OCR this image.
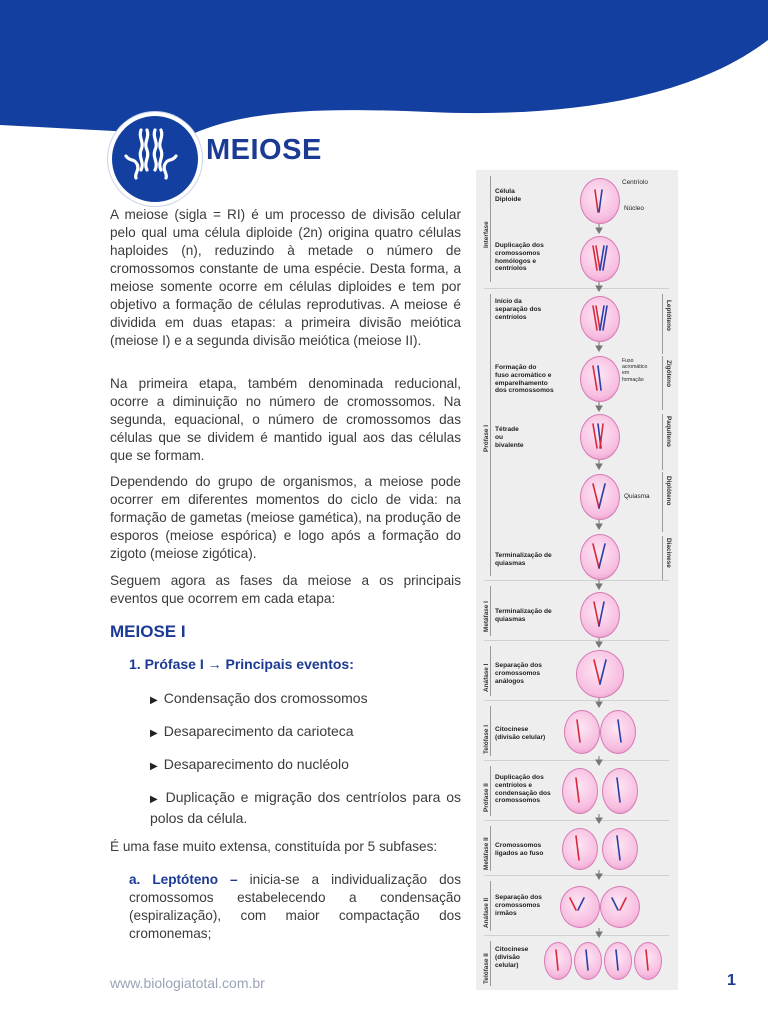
MEIOSE

A meiose (sigla = RI) é um processo de divisão celular pelo qual uma célula diploide (2n) origina quatro células haploides (n), reduzindo à metade o número de cromossomos constante de uma espécie. Desta forma, a meiose somente ocorre em células diploides e tem por objetivo a formação de células reprodutivas. A meiose é dividida em duas etapas: a primeira divisão meiótica (meiose I) e a segunda divisão meiótica (meiose II).

Na primeira etapa, também denominada reducional, ocorre a diminuição no número de cromossomos. Na segunda, equacional, o número de cromossomos das células que se dividem é mantido igual aos das células que se formam.

Dependendo do grupo de organismos, a meiose pode ocorrer em diferentes momentos do ciclo de vida: na formação de gametas (meiose gamética), na produção de esporos (meiose espórica) e logo após a formação do zigoto (meiose zigótica).

Seguem agora as fases da meiose a os principais eventos que ocorrem em cada etapa:

MEIOSE I
1. Prófase I → Principais eventos:
▶ Condensação dos cromossomos
▶ Desaparecimento da carioteca
▶ Desaparecimento do nucléolo
▶ Duplicação e migração dos centríolos para os polos da célula.

É uma fase muito extensa, constituída por 5 subfases:

a. Leptóteno – inicia-se a individualização dos cromossomos estabelecendo a condensação (espiralização), com maior compactação dos cromonemas;

www.biologiatotal.com.br	1
Interfase
Prófase I
Metáfase I
Anáfase I
Telófase I
Prófase II
Metáfase II
Anáfase II
Telófase II
Leptóteno
Zigóteno
Paquíteno
Diplóteno
Diacinese
Célula
Diploide
Duplicação dos
cromossomos
homólogos e
centríolos
Início da
separação dos
centríolos
Formação do
fuso acromático e
emparelhamento
dos cromossomos
Tétrade
ou
bivalente
Terminalização de
quiasmas
Terminalização de
quiasmas
Separação dos
cromossomos
análogos
Citocinese
(divisão celular)
Duplicação dos
centríolos e
condensação dos
cromossomos
Cromossomos
ligados ao fuso
Separação dos
cromossomos
irmãos
Citocinese
(divisão
celular)
Centríolo
Núcleo
Fuso
acromático
em
formação
Quiasma
